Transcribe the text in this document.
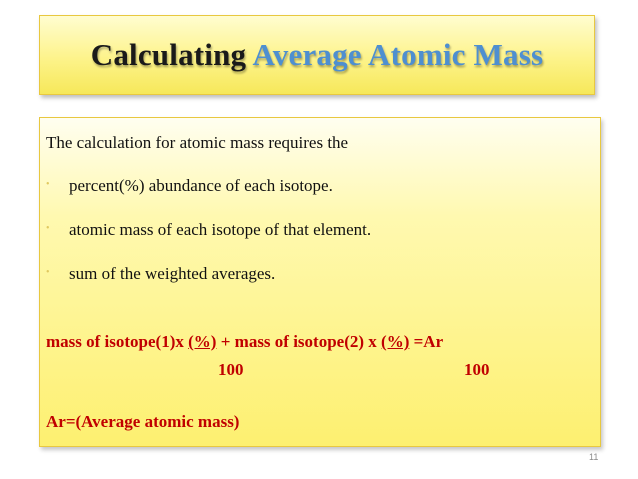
Calculating Average Atomic Mass
The calculation for atomic mass requires the
• percent(%) abundance of each isotope.
• atomic mass of each isotope of that element.
• sum of the weighted averages.
mass of isotope(1)x (%) + mass of isotope(2) x (%) =Ar
100	100
Ar=(Average atomic mass)
11
